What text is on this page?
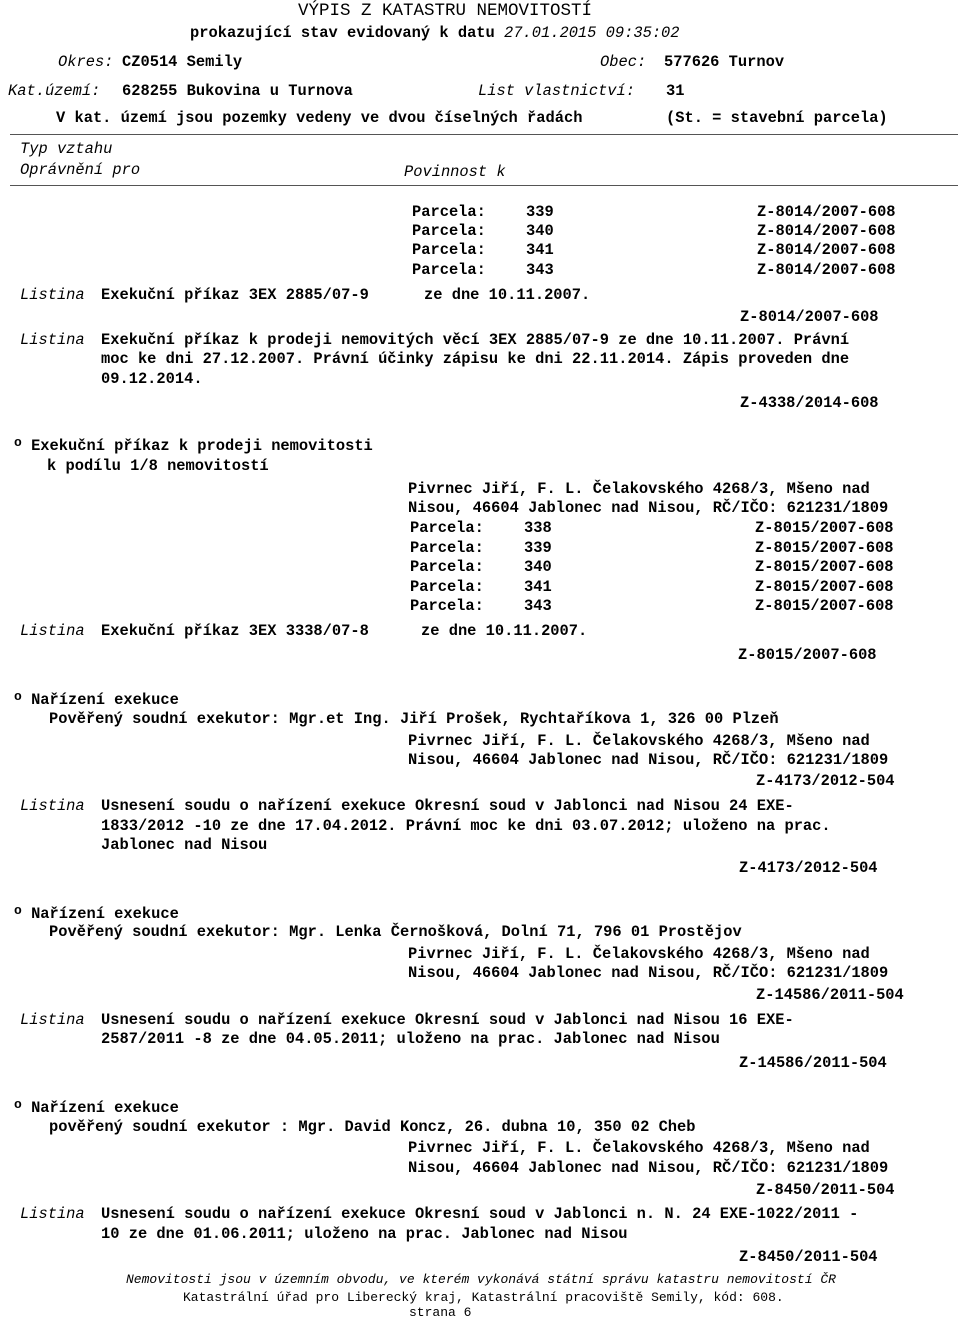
VÝPIS Z KATASTRU NEMOVITOSTÍ
prokazující stav evidovaný k datu 27.01.2015 09:35:02
Okres: CZ0514 Semily	Obec: 577626 Turnov
Kat.území: 628255 Bukovina u Turnova	List vlastnictví: 31
V kat. území jsou pozemky vedeny ve dvou číselných řadách	(St. = stavební parcela)
Typ vztahu
Oprávnění pro	Povinnost k
Parcela:	339	Z-8014/2007-608
Parcela:	340	Z-8014/2007-608
Parcela:	341	Z-8014/2007-608
Parcela:	343	Z-8014/2007-608
Listina Exekuční příkaz 3EX 2885/07-9	ze dne 10.11.2007.
Z-8014/2007-608
Listina Exekuční příkaz k prodeji nemovitých věcí 3EX 2885/07-9 ze dne 10.11.2007. Právní
moc ke dni 27.12.2007. Právní účinky zápisu ke dni 22.11.2014. Zápis proveden dne
09.12.2014.
Z-4338/2014-608
$^o$ Exekuční příkaz k prodeji nemovitosti
k podílu 1/8 nemovitostí
Pivrnec Jiří, F. L. Čelakovského 4268/3, Mšeno nad
Nisou, 46604 Jablonec nad Nisou, RČ/IČO: 621231/1809
Parcela:	338	Z-8015/2007-608
Parcela:	339	Z-8015/2007-608
Parcela:	340	Z-8015/2007-608
Parcela:	341	Z-8015/2007-608
Parcela:	343	Z-8015/2007-608
Listina Exekuční příkaz 3EX 3338/07-8	ze dne 10.11.2007.
Z-8015/2007-608
$^o$ Nařízení exekuce
Pověřený soudní exekutor: Mgr.et Ing. Jiří Prošek, Rychtaříkova 1, 326 00 Plzeň
Pivrnec Jiří, F. L. Čelakovského 4268/3, Mšeno nad
Nisou, 46604 Jablonec nad Nisou, RČ/IČO: 621231/1809
Z-4173/2012-504
Listina Usnesení soudu o nařízení exekuce Okresní soud v Jablonci nad Nisou 24 EXE-
1833/2012 -10 ze dne 17.04.2012. Právní moc ke dni 03.07.2012; uloženo na prac.
Jablonec nad Nisou
Z-4173/2012-504
$^o$ Nařízení exekuce
Pověřený soudní exekutor: Mgr. Lenka Černošková, Dolní 71, 796 01 Prostějov
Pivrnec Jiří, F. L. Čelakovského 4268/3, Mšeno nad
Nisou, 46604 Jablonec nad Nisou, RČ/IČO: 621231/1809
Z-14586/2011-504
Listina Usnesení soudu o nařízení exekuce Okresní soud v Jablonci nad Nisou 16 EXE-
2587/2011 -8 ze dne 04.05.2011; uloženo na prac. Jablonec nad Nisou
Z-14586/2011-504
$^o$ Nařízení exekuce
pověřený soudní exekutor : Mgr. David Koncz, 26. dubna 10, 350 02 Cheb
Pivrnec Jiří, F. L. Čelakovského 4268/3, Mšeno nad
Nisou, 46604 Jablonec nad Nisou, RČ/IČO: 621231/1809
Z-8450/2011-504
Listina Usnesení soudu o nařízení exekuce Okresní soud v Jablonci n. N. 24 EXE-1022/2011 -
10 ze dne 01.06.2011; uloženo na prac. Jablonec nad Nisou
Z-8450/2011-504
Nemovitosti jsou v územním obvodu, ve kterém vykonává státní správu katastru nemovitostí ČR
Katastrální úřad pro Liberecký kraj, Katastrální pracoviště Semily, kód: 608.
strana 6
